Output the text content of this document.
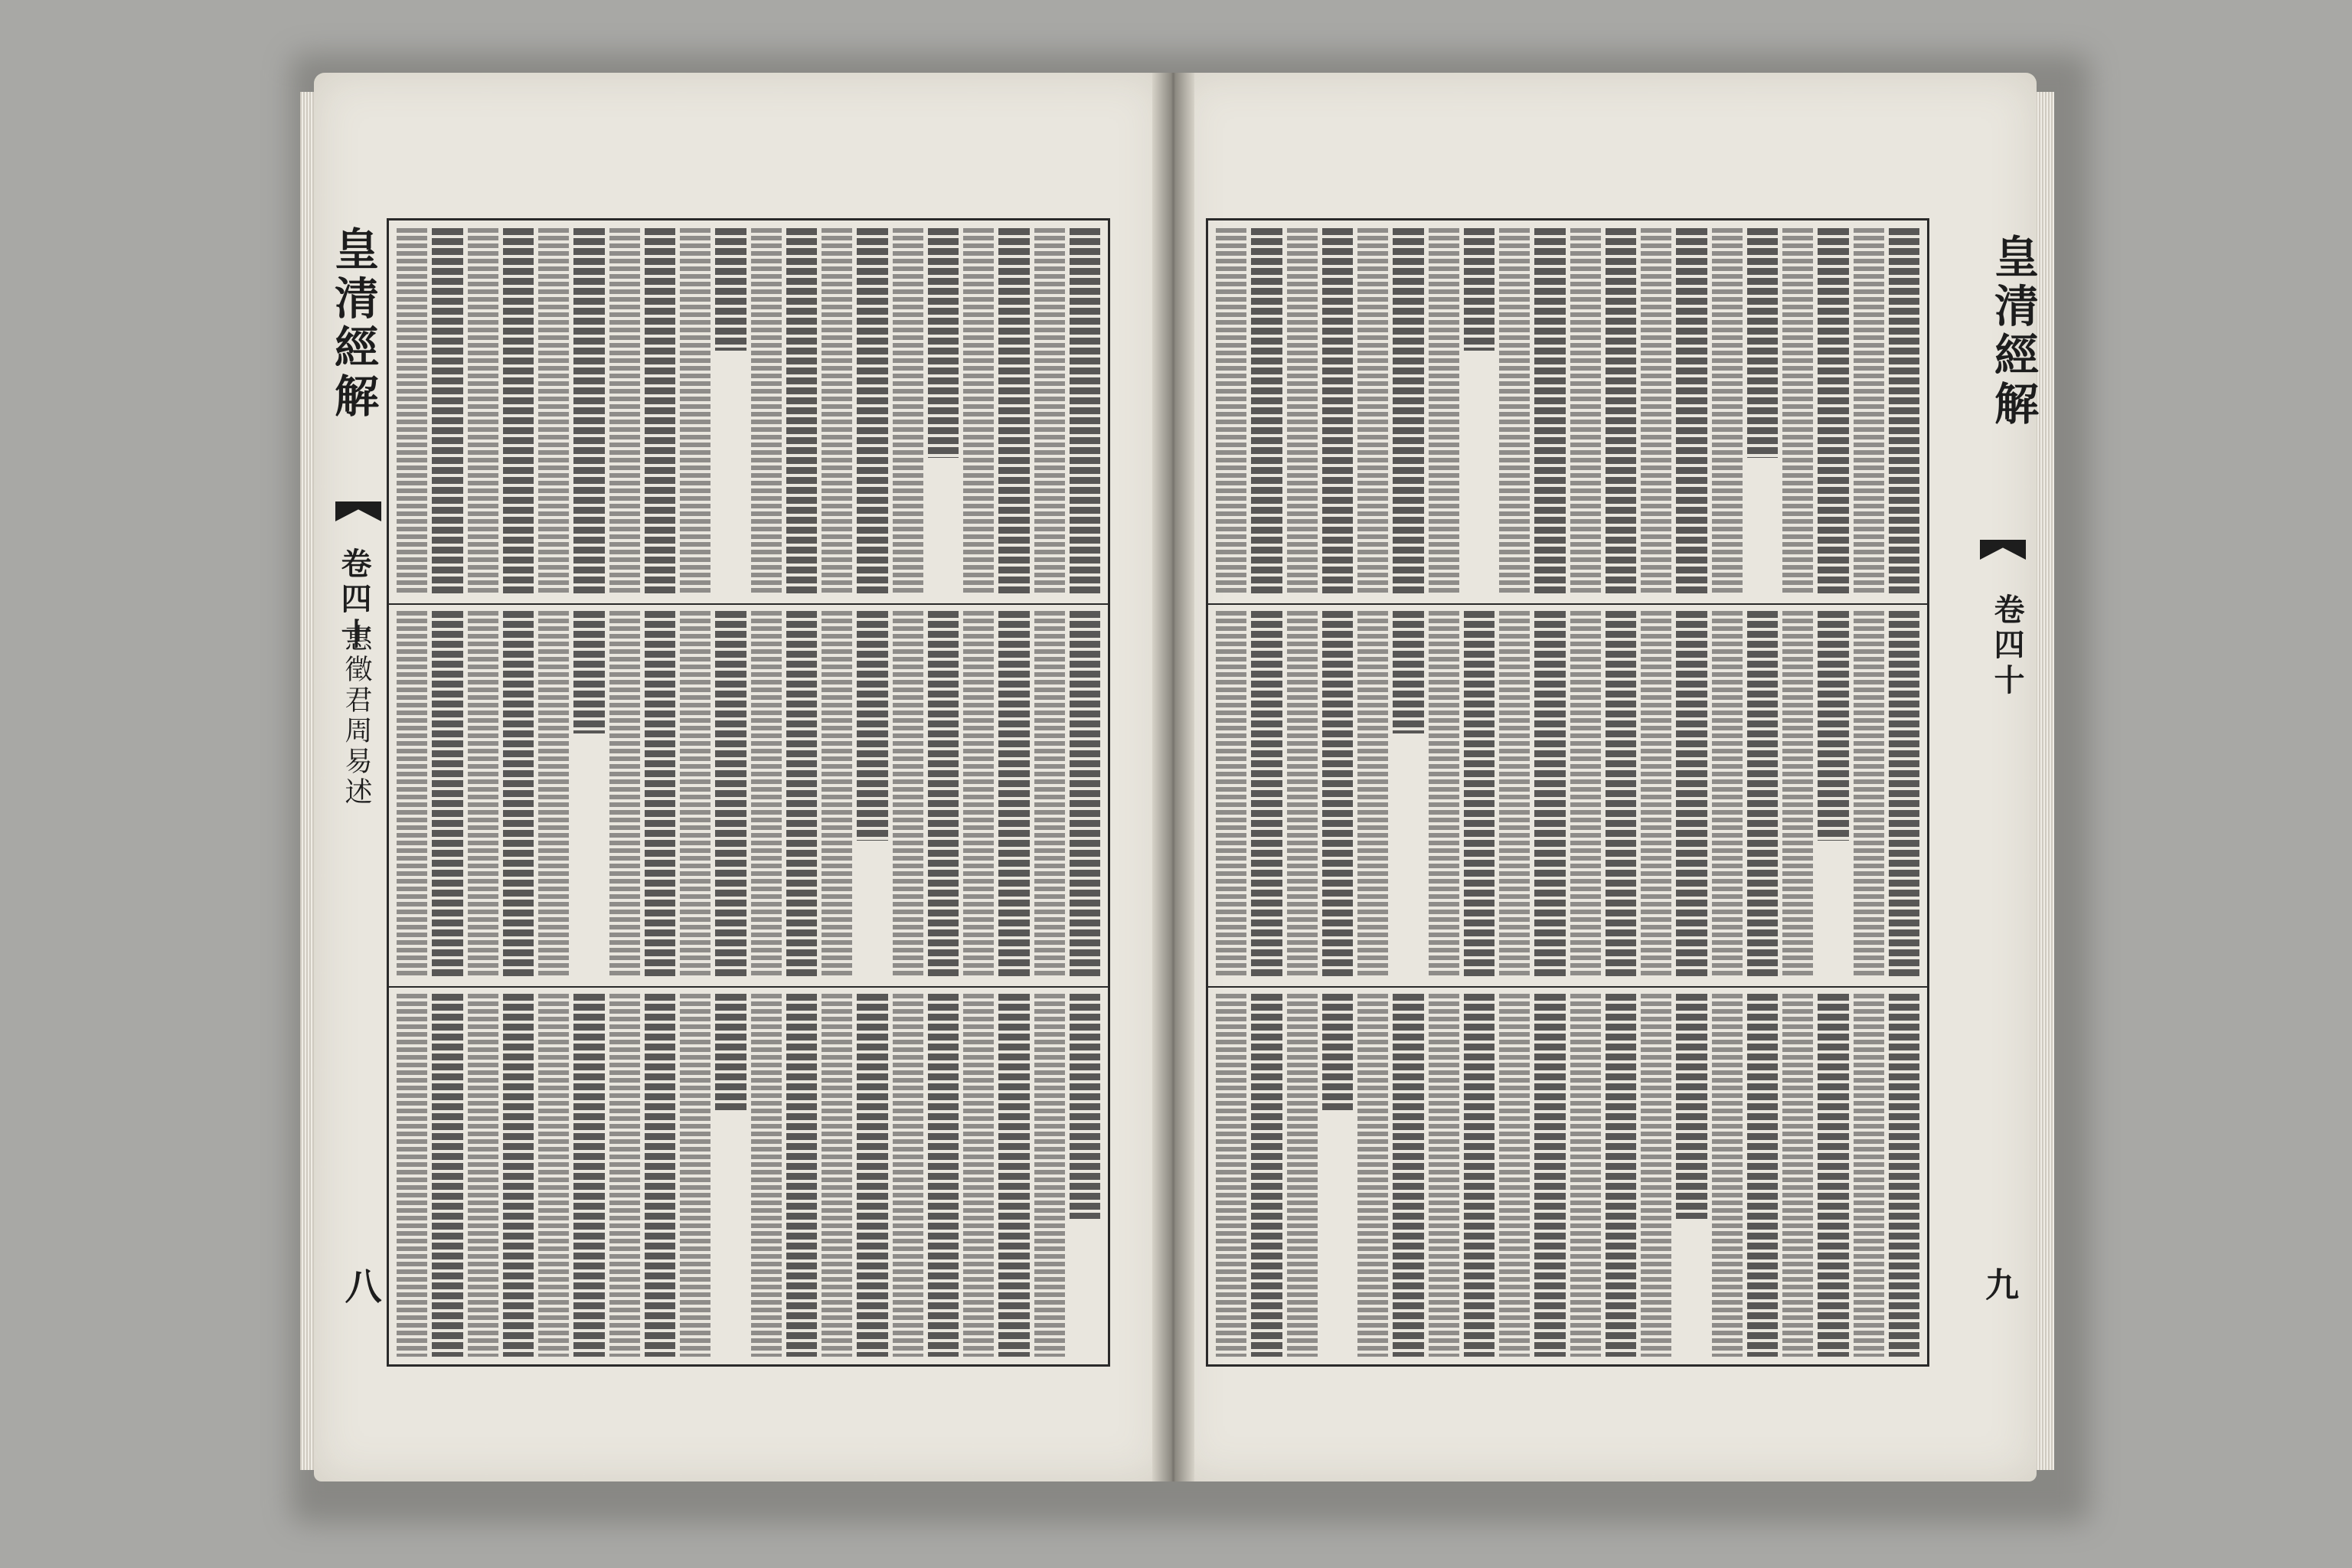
皇清經解
卷四十
惠徵君周易述
八
皇清經解
卷四十
九
